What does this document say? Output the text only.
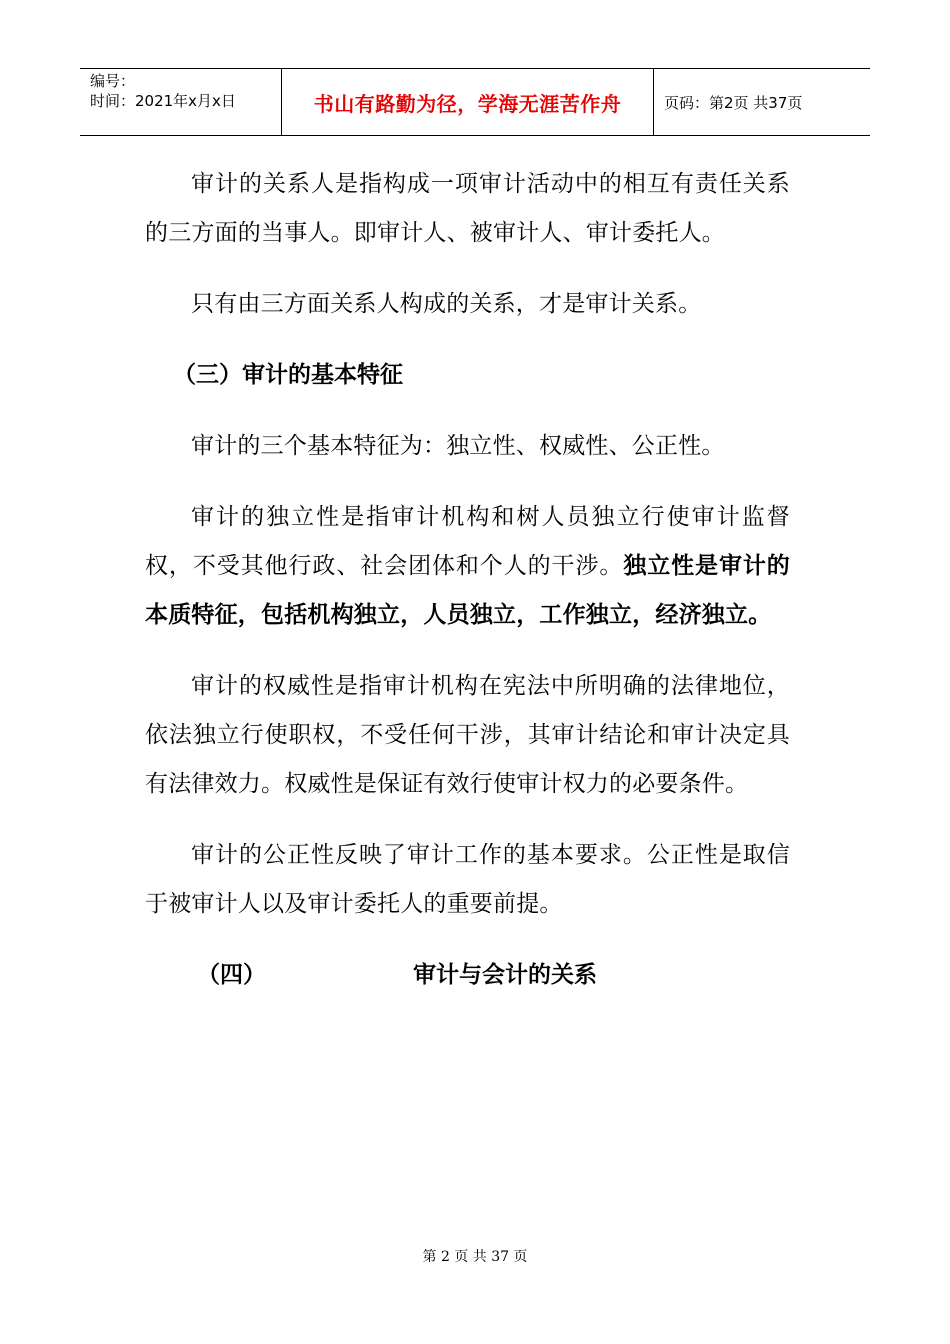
编号：
时间：2021年x月x日	书山有路勤为径，学海无涯苦作舟	页码：第2页 共37页

审计的关系人是指构成一项审计活动中的相互有责任关系的三方面的当事人。即审计人、被审计人、审计委托人。

只有由三方面关系人构成的关系，才是审计关系。

（三）审计的基本特征

审计的三个基本特征为：独立性、权威性、公正性。

审计的独立性是指审计机构和树人员独立行使审计监督权，不受其他行政、社会团体和个人的干涉。独立性是审计的本质特征，包括机构独立，人员独立，工作独立，经济独立。

审计的权威性是指审计机构在宪法中所明确的法律地位，依法独立行使职权，不受任何干涉，其审计结论和审计决定具有法律效力。权威性是保证有效行使审计权力的必要条件。

审计的公正性反映了审计工作的基本要求。公正性是取信于被审计人以及审计委托人的重要前提。

（四）	审计与会计的关系
第 2 页 共 37 页
